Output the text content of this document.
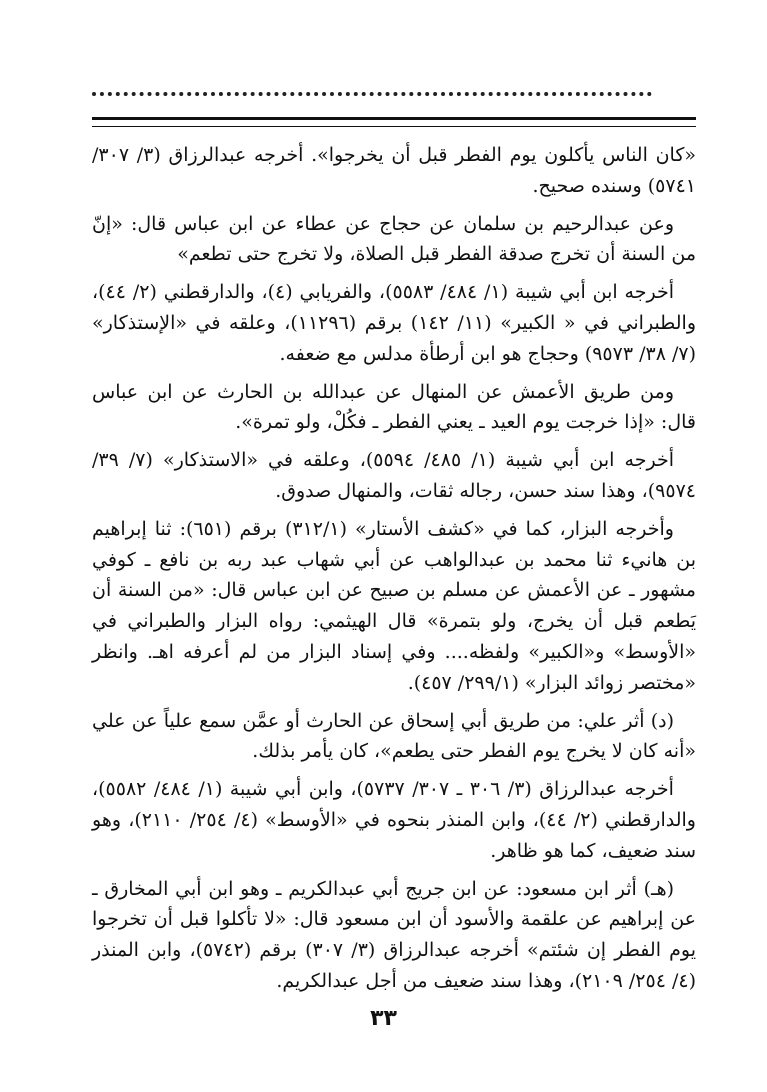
«كان الناس يأكلون يوم الفطر قبل أن يخرجوا». أخرجه عبدالرزاق (٣/ ٣٠٧/ ٥٧٤١) وسنده صحيح.

وعن عبدالرحيم بن سلمان عن حجاج عن عطاء عن ابن عباس قال: «إنّ من السنة أن تخرج صدقة الفطر قبل الصلاة، ولا تخرج حتى تطعم»

أخرجه ابن أبي شيبة (١/ ٤٨٤/ ٥٥٨٣)، والفريابي (٤)، والدارقطني (٢/ ٤٤)، والطبراني في « الكبير» (١١/ ١٤٢) برقم (١١٢٩٦)، وعلقه في «الإستذكار» (٧/ ٣٨/ ٩٥٧٣) وحجاج هو ابن أرطأة مدلس مع ضعفه.

ومن طريق الأعمش عن المنهال عن عبدالله بن الحارث عن ابن عباس قال: «إذا خرجت يوم العيد ـ يعني الفطر ـ فكُلْ، ولو تمرة».

أخرجه ابن أبي شيبة (١/ ٤٨٥/ ٥٥٩٤)، وعلقه في «الاستذكار» (٧/ ٣٩/ ٩٥٧٤)، وهذا سند حسن، رجاله ثقات، والمنهال صدوق.

وأخرجه البزار، كما في «كشف الأستار» (٣١٢/١) برقم (٦٥١): ثنا إبراهيم بن هانيء ثنا محمد بن عبدالواهب عن أبي شهاب عبد ربه بن نافع ـ كوفي مشهور ـ عن الأعمش عن مسلم بن صبيح عن ابن عباس قال: «من السنة أن يَطعم قبل أن يخرج، ولو بتمرة» قال الهيثمي: رواه البزار والطبراني في «الأوسط» و«الكبير» ولفظه.... وفي إسناد البزار من لم أعرفه اهـ. وانظر «مختصر زوائد البزار» (٢٩٩/١/ ٤٥٧).

(د) أثر علي: من طريق أبي إسحاق عن الحارث أو عمَّن سمع علياً عن علي «أنه كان لا يخرج يوم الفطر حتى يطعم»، كان يأمر بذلك.

أخرجه عبدالرزاق (٣/ ٣٠٦ ـ ٣٠٧/ ٥٧٣٧)، وابن أبي شيبة (١/ ٤٨٤/ ٥٥٨٢)، والدارقطني (٢/ ٤٤)، وابن المنذر بنحوه في «الأوسط» (٤/ ٢٥٤/ ٢١١٠)، وهو سند ضعيف، كما هو ظاهر.

(هـ) أثر ابن مسعود: عن ابن جريج أبي عبدالكريم ـ وهو ابن أبي المخارق ـ عن إبراهيم عن علقمة والأسود أن ابن مسعود قال: «لا تأكلوا قبل أن تخرجوا يوم الفطر إن شئتم» أخرجه عبدالرزاق (٣/ ٣٠٧) برقم (٥٧٤٢)، وابن المنذر (٤/ ٢٥٤/ ٢١٠٩)، وهذا سند ضعيف من أجل عبدالكريم.

٣٣
